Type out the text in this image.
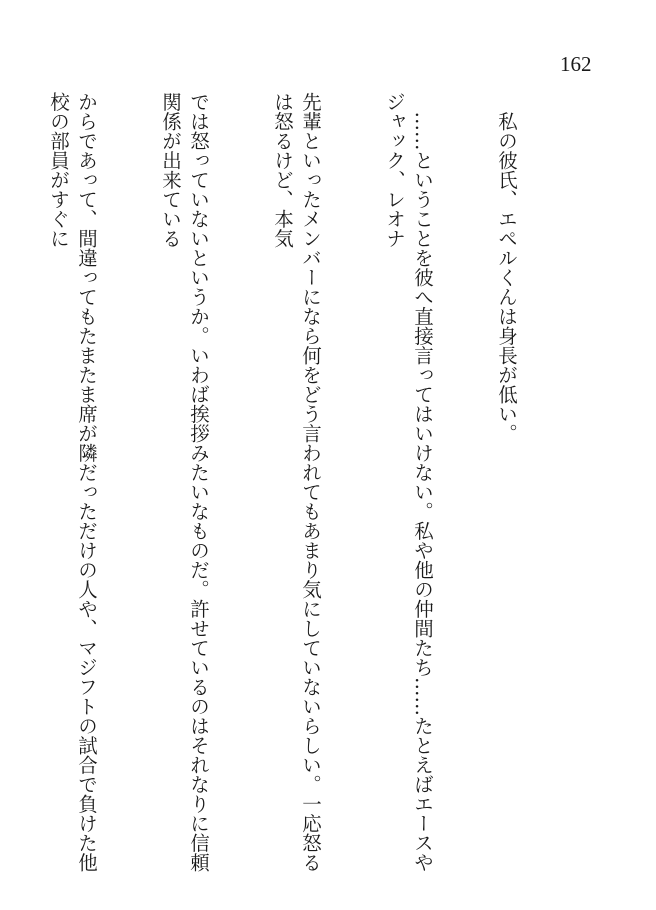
162

　私の彼氏、エペルくんは身長が低い。

　……ということを彼へ直接言ってはいけない。私や他の仲間たち……たとえばエースやジャック、レオナ

先輩といったメンバーになら何をどう言われてもあまり気にしていないらしい。一応怒るは怒るけど、本気

では怒っていないというか。いわば挨拶みたいなものだ。許せているのはそれなりに信頼関係が出来ている

からであって、間違ってもたまたま席が隣だっただけの人や、マジフトの試合で負けた他校の部員がすぐに
